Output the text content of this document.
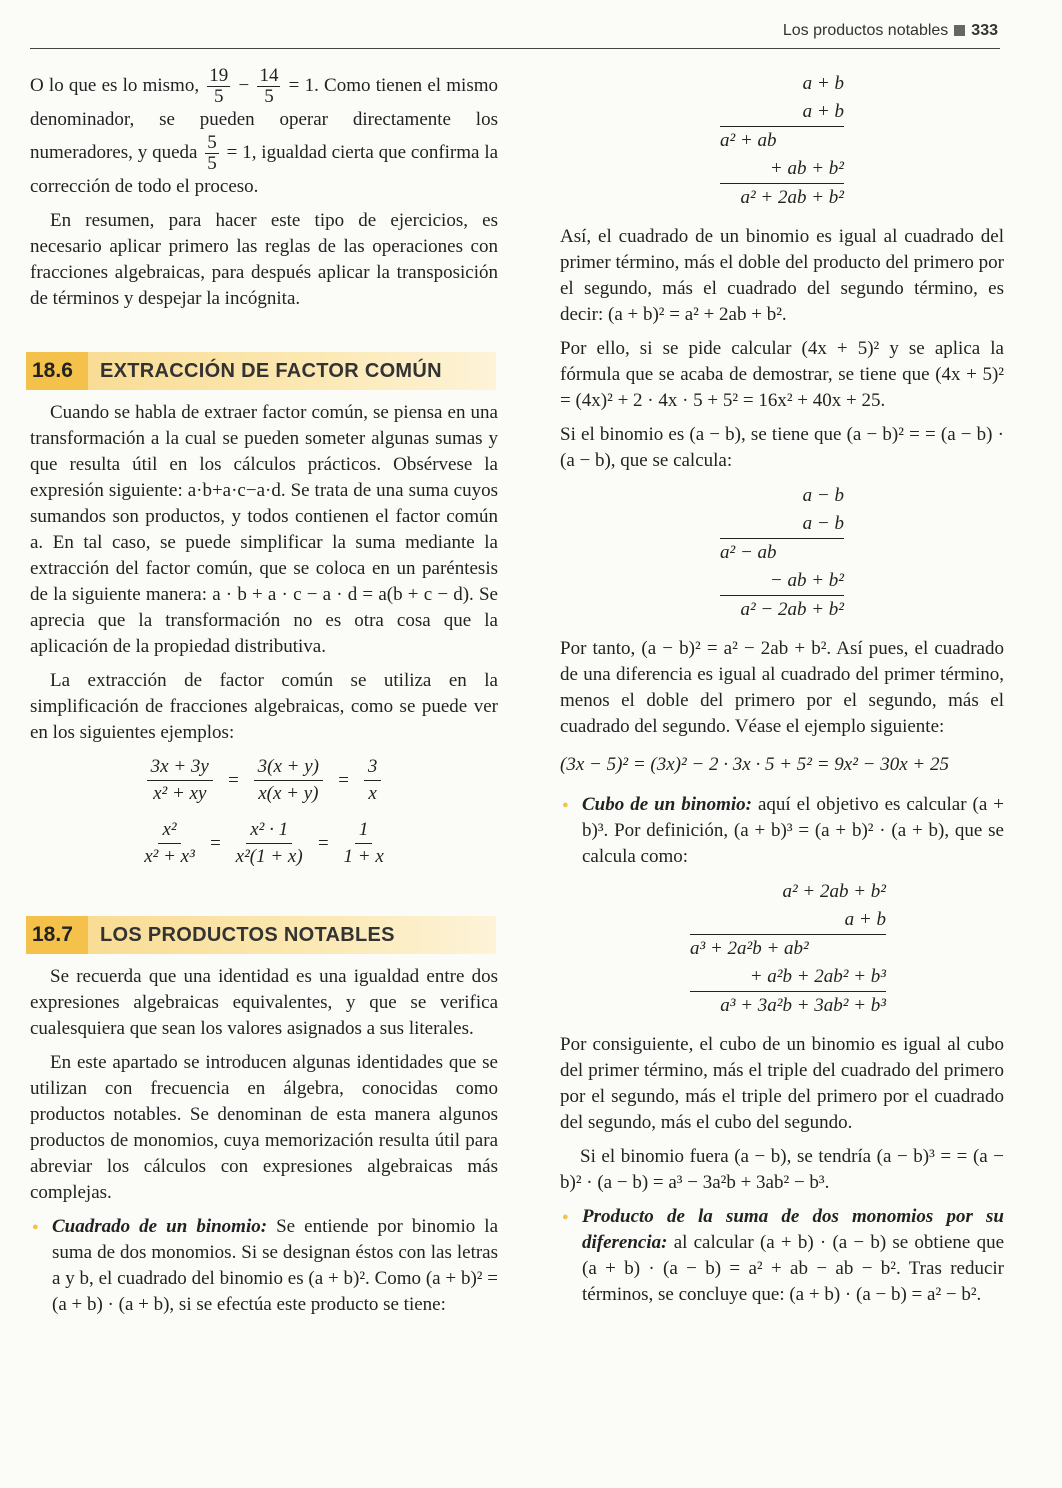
Los productos notables 333

O lo que es lo mismo, $\frac{19}{5} - \frac{14}{5} = 1$. Como tienen el mismo denominador, se pueden operar directamente los numeradores, y queda $\frac{5}{5} = 1$, igualdad cierta que confirma la corrección de todo el proceso.

En resumen, para hacer este tipo de ejercicios, es necesario aplicar primero las reglas de las operaciones con fracciones algebraicas, para después aplicar la transposición de términos y despejar la incógnita.

18.6	EXTRACCIÓN DE FACTOR COMÚN

Cuando se habla de extraer factor común, se piensa en una transformación a la cual se pueden someter algunas sumas y que resulta útil en los cálculos prácticos. Obsérvese la expresión siguiente: a·b+a·c−a·d. Se trata de una suma cuyos sumandos son productos, y todos contienen el factor común a. En tal caso, se puede simplificar la suma mediante la extracción del factor común, que se coloca en un paréntesis de la siguiente manera: a · b + a · c − a · d = a(b + c − d). Se aprecia que la transformación no es otra cosa que la aplicación de la propiedad distributiva.

La extracción de factor común se utiliza en la simplificación de fracciones algebraicas, como se puede ver en los siguientes ejemplos:

$\frac{3x + 3y}{\text{x² + xy}} = \frac{3(x + y)}{x(x + y)} = \frac{3}{x}$
$\frac{\text{x²}}{\text{x² + x³}} = \frac{\text{x² · 1}}{\text{x²(1 + x)}} = \frac{1}{1 + x}$
18.7	LOS PRODUCTOS NOTABLES

Se recuerda que una identidad es una igualdad entre dos expresiones algebraicas equivalentes, y que se verifica cualesquiera que sean los valores asignados a sus literales.

En este apartado se introducen algunas identidades que se utilizan con frecuencia en álgebra, conocidas como productos notables. Se denominan de esta manera algunos productos de monomios, cuya memorización resulta útil para abreviar los cálculos con expresiones algebraicas más complejas.

● Cuadrado de un binomio: Se entiende por binomio la suma de dos monomios. Si se designan éstos con las letras a y b, el cuadrado del binomio es (a + b)². Como (a + b)² = (a + b) · (a + b), si se efectúa este producto se tiene:

a + b
a + b
a² + ab
+ ab + b²
a² + 2ab + b²

Así, el cuadrado de un binomio es igual al cuadrado del primer término, más el doble del producto del primero por el segundo, más el cuadrado del segundo término, es decir: (a + b)² = a² + 2ab + b².

Por ello, si se pide calcular (4x + 5)² y se aplica la fórmula que se acaba de demostrar, se tiene que (4x + 5)² = (4x)² + 2 · 4x · 5 + 5² = 16x² + 40x + 25.

Si el binomio es (a − b), se tiene que (a − b)² = = (a − b) · (a − b), que se calcula:

a − b
a − b
a² − ab
− ab + b²
a² − 2ab + b²

Por tanto, (a − b)² = a² − 2ab + b². Así pues, el cuadrado de una diferencia es igual al cuadrado del primer término, menos el doble del primero por el segundo, más el cuadrado del segundo. Véase el ejemplo siguiente:

(3x − 5)² = (3x)² − 2 · 3x · 5 + 5² = 9x² − 30x + 25

● Cubo de un binomio: aquí el objetivo es calcular (a + b)³. Por definición, (a + b)³ = (a + b)² · (a + b), que se calcula como:

a² + 2ab + b²
a + b
a³ + 2a²b + ab²
+ a²b + 2ab² + b³
a³ + 3a²b + 3ab² + b³

Por consiguiente, el cubo de un binomio es igual al cubo del primer término, más el triple del cuadrado del primero por el segundo, más el triple del primero por el cuadrado del segundo, más el cubo del segundo.

Si el binomio fuera (a − b), se tendría (a − b)³ = = (a − b)² · (a − b) = a³ − 3a²b + 3ab² − b³.

● Producto de la suma de dos monomios por su diferencia: al calcular (a + b) · (a − b) se obtiene que (a + b) · (a − b) = a² + ab − ab − b². Tras reducir términos, se concluye que: (a + b) · (a − b) = a² − b².
